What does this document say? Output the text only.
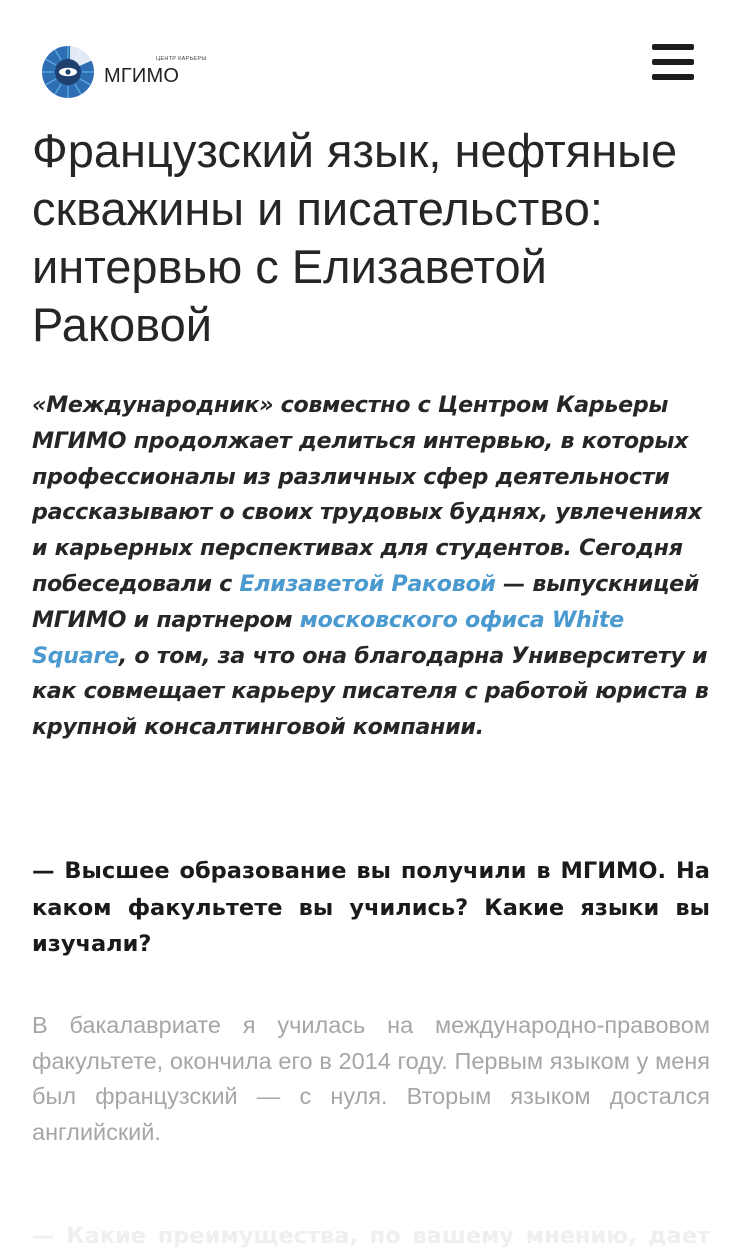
ЦЕНТР КАРЬЕРЫ
МГИМО
Французский язык, нефтяные скважины и писательство: интервью с Елизаветой Раковой

«Международник» совместно с Центром Карьеры МГИМО продолжает делиться интервью, в которых профессионалы из различных сфер деятельности рассказывают о своих трудовых буднях, увлечениях и карьерных перспективах для студентов. Сегодня побеседовали с Елизаветой Раковой — выпускницей МГИМО и партнером московского офиса White Square, о том, за что она благодарна Университету и как совмещает карьеру писателя с работой юриста в крупной консалтинговой компании.

— Высшее образование вы получили в МГИМО. На каком факультете вы учились? Какие языки вы изучали?

В бакалавриате я училась на международно-правовом факультете, окончила его в 2014 году. Первым языком у меня был французский — с нуля. Вторым языком достался английский.

— Какие преимущества, по вашему мнению, дает
